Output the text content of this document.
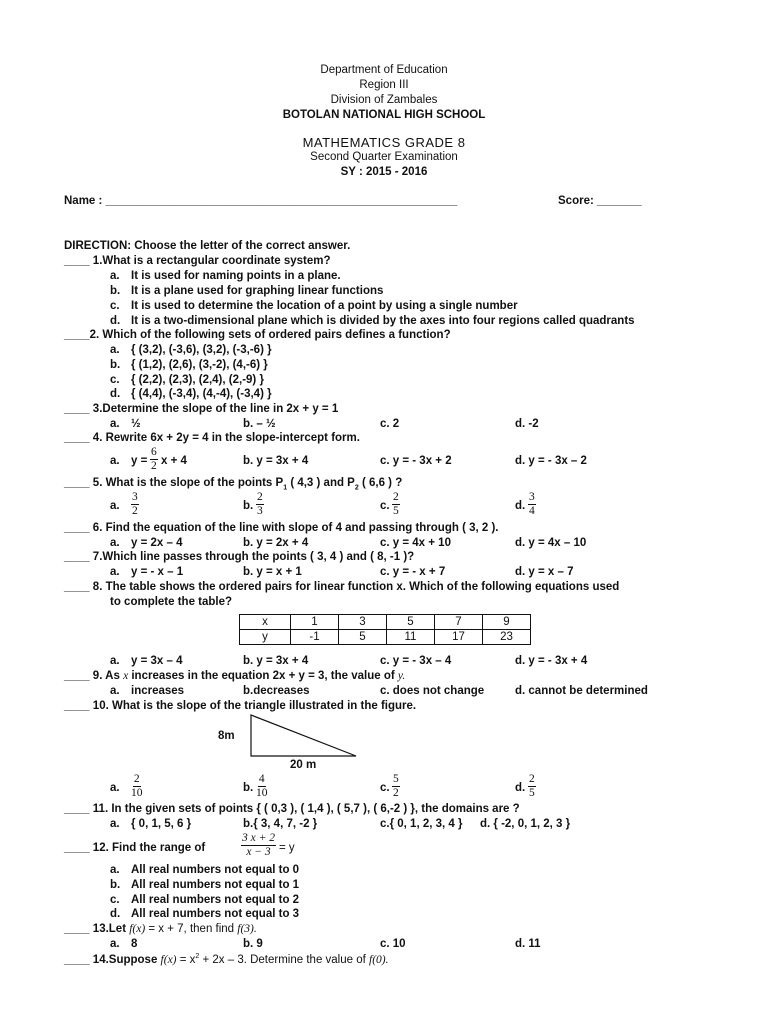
Department of Education
Region III
Division of Zambales
BOTOLAN NATIONAL HIGH SCHOOL
MATHEMATICS GRADE 8
Second Quarter Examination
SY : 2015 - 2016
Name : _______________________________________________________	Score: _______
DIRECTION: Choose the letter of the correct answer.
____ 1.What is a rectangular coordinate system?
a. It is used for naming points in a plane.
b. It is a plane used for graphing linear functions
c. It is used to determine the location of a point by using a single number
d. It is a two-dimensional plane which is divided by the axes into four regions called quadrants
____2. Which of the following sets of ordered pairs defines a function?
a. { (3,2), (-3,6), (3,2), (-3,-6) }
b. { (1,2), (2,6), (3,-2), (4,-6) }
c. { (2,2), (2,3), (2,4), (2,-9) }
d. { (4,4), (-3,4), (4,-4), (-3,4) }
____ 3.Determine the slope of the line in 2x + y = 1
a. ½	b. – ½	c. 2	d. -2
____ 4. Rewrite 6x + 2y = 4 in the slope-intercept form.
a. $y = \frac{6}{2}$ x + 4	b. y = 3x + 4	c. y = - 3x + 2	d. y = - 3x – 2
____ 5. What is the slope of the points $P_1$ ( 4,3 ) and $P_2$ ( 6,6 ) ?
a. $\frac{3}{2}$	b. $\frac{2}{3}$	c. $\frac{2}{5}$	d. $\frac{3}{4}$
____ 6. Find the equation of the line with slope of 4 and passing through ( 3, 2 ).
a. y = 2x – 4	b. y = 2x + 4	c. y = 4x + 10	d. y = 4x – 10
____ 7.Which line passes through the points ( 3, 4 ) and ( 8, -1 )?
a. y = - x – 1	b. y = x + 1	c. y = - x + 7	d. y = x – 7
____ 8. The table shows the ordered pairs for linear function x. Which of the following equations used
to complete the table?
x	1	3	5	7	9
y	-1	5	11	17	23
a. y = 3x – 4	b. y = 3x + 4	c. y = - 3x – 4	d. y = - 3x + 4
____ 9. As x increases in the equation 2x + y = 3, the value of y.
a. increases	b.decreases	c. does not change	d. cannot be determined
____ 10. What is the slope of the triangle illustrated in the figure.
8m
20 m
a. $\frac{2}{10}$	b. $\frac{4}{10}$	c. $\frac{5}{2}$	d. $\frac{2}{5}$
____ 11. In the given sets of points { ( 0,3 ), ( 1,4 ), ( 5,7 ), ( 6,-2 ) }, the domains are ?
a. { 0, 1, 5, 6 }	b.{ 3, 4, 7, -2 }	c.{ 0, 1, 2, 3, 4 } d. { -2, 0, 1, 2, 3 }
____ 12. Find the range of	$\frac{3 x + 2}{x - 3} = y$
a. All real numbers not equal to 0
b. All real numbers not equal to 1
c. All real numbers not equal to 2
d. All real numbers not equal to 3
____ 13.Let f(x) = x + 7, then find f(3).
a. 8	b. 9	c. 10	d. 11
____ 14.Suppose $f(x) = x^2 + 2x - 3$. Determine the value of f(0).
